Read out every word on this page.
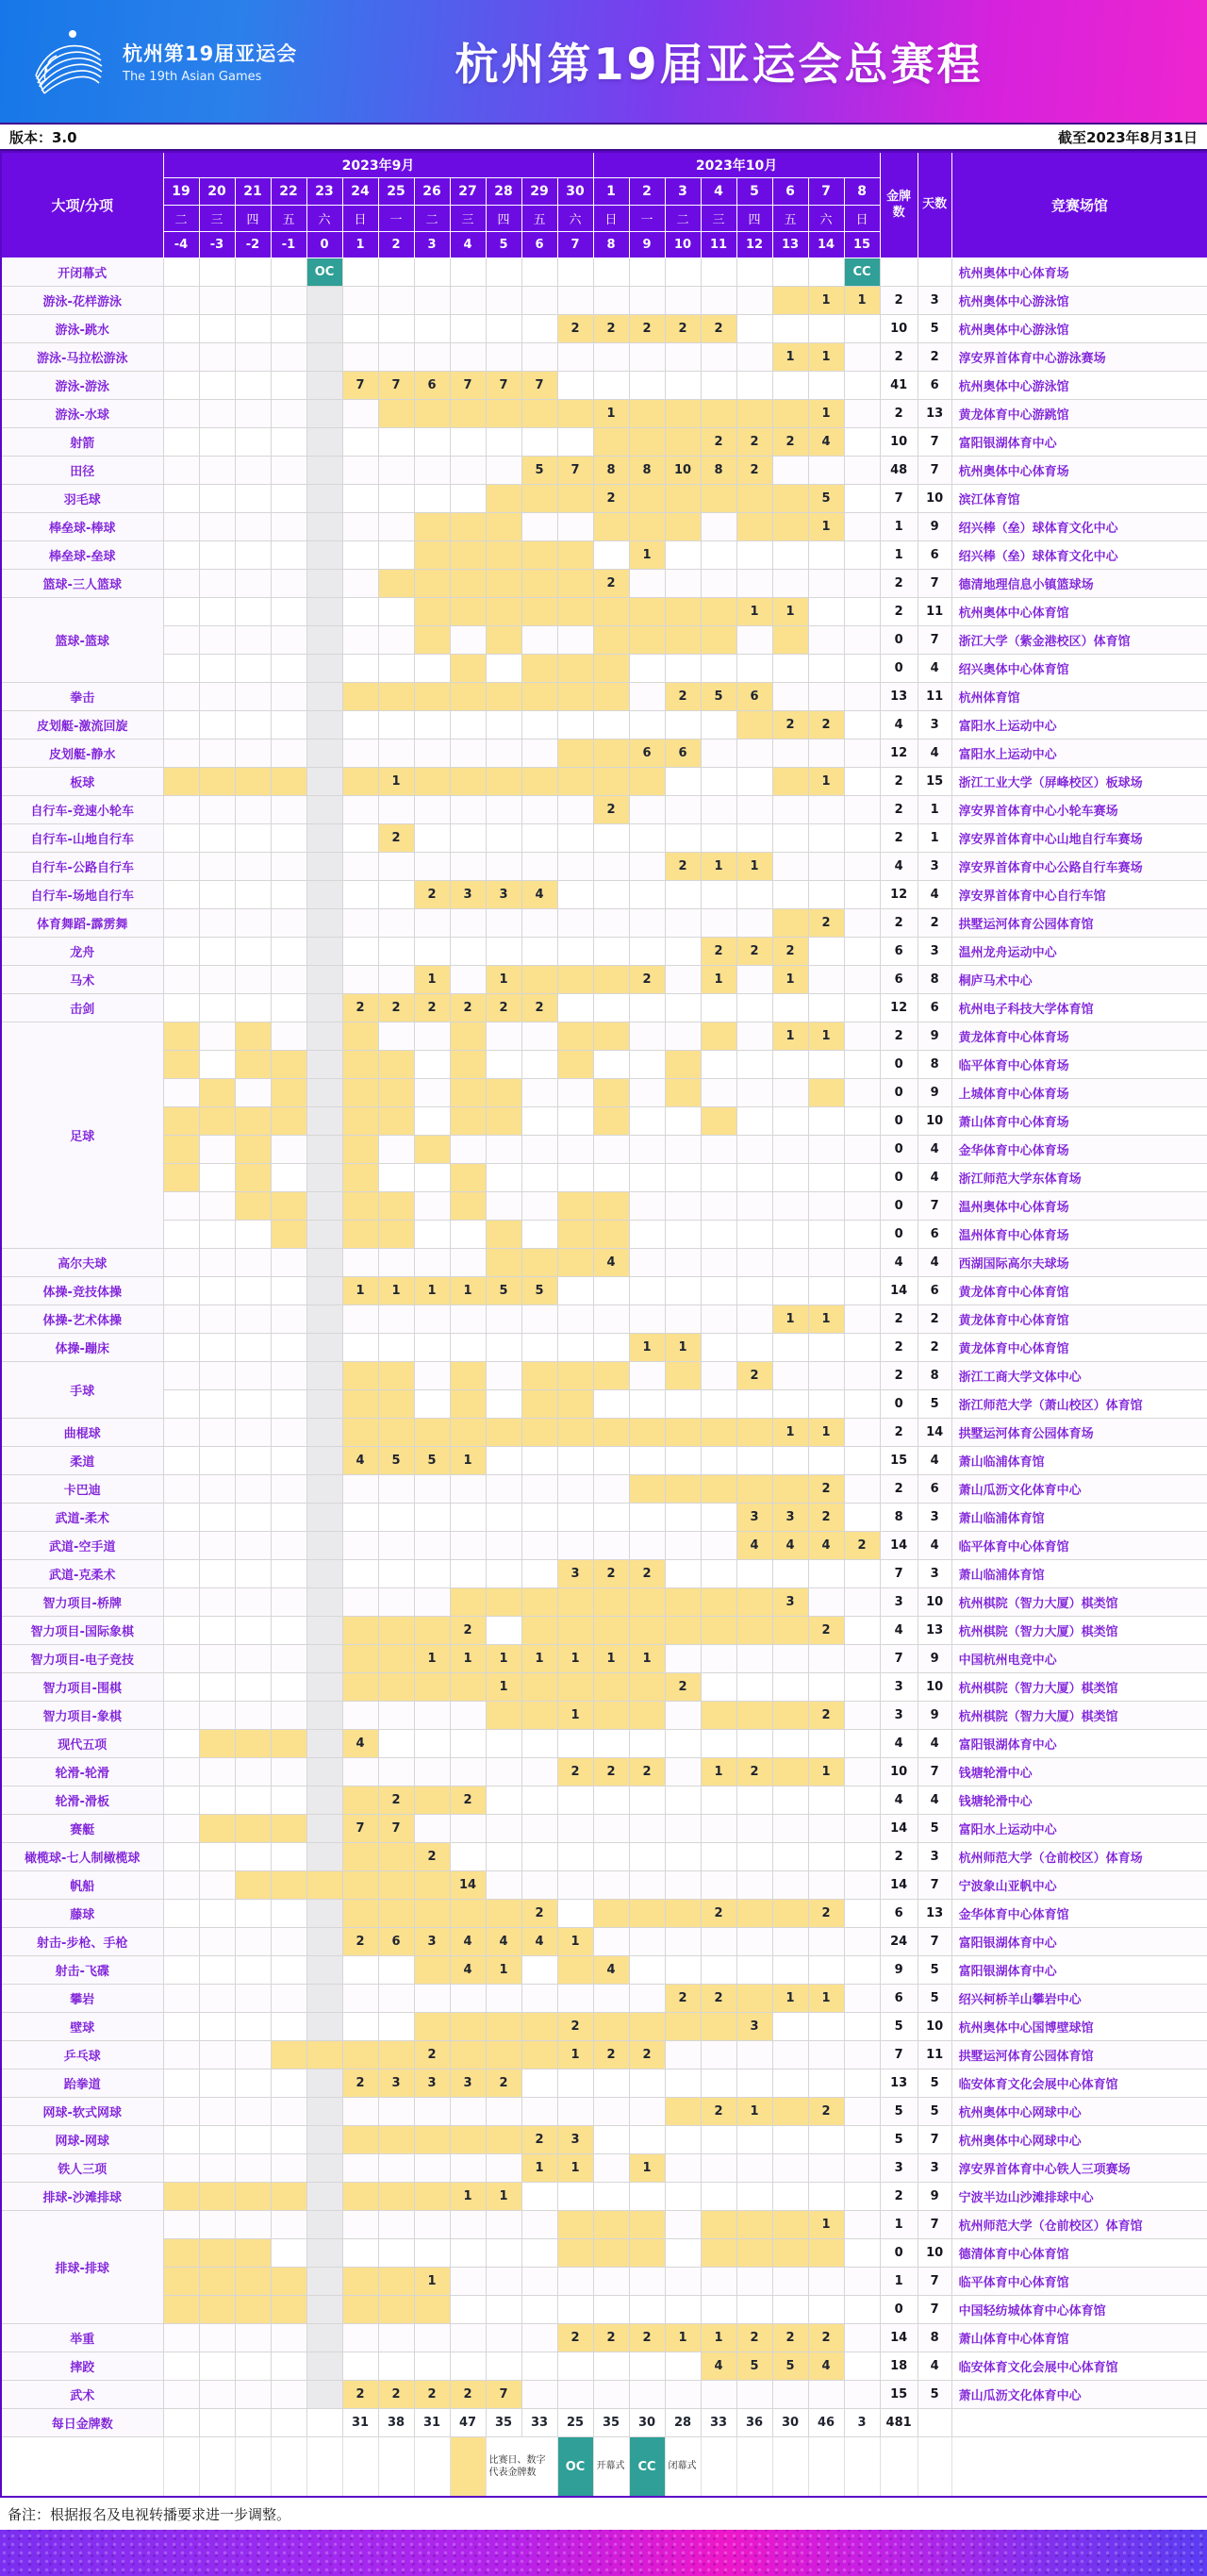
杭州第19届亚运会
The 19th Asian Games	杭州第19届亚运会总赛程
版本：3.0	截至2023年8月31日
大项/分项	2023年9月												2023年10月								金牌数	天数	竞赛场馆
	19	20	21	22	23	24	25	26	27	28	29	30	1	2	3	4	5	6	7	8			
	二	三	四	五	六	日	一	二	三	四	五	六	日	一	二	三	四	五	六	日			
	-4	-3	-2	-1	0	1	2	3	4	5	6	7	8	9	10	11	12	13	14	15			
开闭幕式					OC															CC			杭州奥体中心体育场
游泳-花样游泳																			1	1	2	3	杭州奥体中心游泳馆
游泳-跳水												2	2	2	2	2					10	5	杭州奥体中心游泳馆
游泳-马拉松游泳																		1	1		2	2	淳安界首体育中心游泳赛场
游泳-游泳						7	7	6	7	7	7										41	6	杭州奥体中心游泳馆
游泳-水球													1						1		2	13	黄龙体育中心游跳馆
射箭																2	2	2	4		10	7	富阳银湖体育中心
田径											5	7	8	8	10	8	2				48	7	杭州奥体中心体育场
羽毛球													2						5		7	10	滨江体育馆
棒垒球-棒球																			1		1	9	绍兴棒（垒）球体育文化中心
棒垒球-垒球														1							1	6	绍兴棒（垒）球体育文化中心
篮球-三人篮球													2								2	7	德清地理信息小镇篮球场
篮球-篮球																	1	1			2	11	杭州奥体中心体育馆
																					0	7	浙江大学（紫金港校区）体育馆
																					0	4	绍兴奥体中心体育馆
拳击															2	5	6				13	11	杭州体育馆
皮划艇-激流回旋																		2	2		4	3	富阳水上运动中心
皮划艇-静水														6	6						12	4	富阳水上运动中心
板球							1												1		2	15	浙江工业大学（屏峰校区）板球场
自行车-竞速小轮车													2								2	1	淳安界首体育中心小轮车赛场
自行车-山地自行车							2														2	1	淳安界首体育中心山地自行车赛场
自行车-公路自行车															2	1	1				4	3	淳安界首体育中心公路自行车赛场
自行车-场地自行车								2	3	3	4										12	4	淳安界首体育中心自行车馆
体育舞蹈-霹雳舞																			2		2	2	拱墅运河体育公园体育馆
龙舟																2	2	2			6	3	温州龙舟运动中心
马术								1		1				2		1		1			6	8	桐庐马术中心
击剑						2	2	2	2	2	2										12	6	杭州电子科技大学体育馆
足球																		1	1		2	9	黄龙体育中心体育场
																					0	8	临平体育中心体育场
																					0	9	上城体育中心体育场
																					0	10	萧山体育中心体育场
																					0	4	金华体育中心体育场
																					0	4	浙江师范大学东体育场
																					0	7	温州奥体中心体育场
																					0	6	温州体育中心体育场
高尔夫球													4								4	4	西湖国际高尔夫球场
体操-竞技体操						1	1	1	1	5	5										14	6	黄龙体育中心体育馆
体操-艺术体操																		1	1		2	2	黄龙体育中心体育馆
体操-蹦床														1	1						2	2	黄龙体育中心体育馆
手球																	2				2	8	浙江工商大学文体中心
																					0	5	浙江师范大学（萧山校区）体育馆
曲棍球																		1	1		2	14	拱墅运河体育公园体育场
柔道						4	5	5	1												15	4	萧山临浦体育馆
卡巴迪																			2		2	6	萧山瓜沥文化体育中心
武道-柔术																	3	3	2		8	3	萧山临浦体育馆
武道-空手道																	4	4	4	2	14	4	临平体育中心体育馆
武道-克柔术												3	2	2							7	3	萧山临浦体育馆
智力项目-桥牌																		3			3	10	杭州棋院（智力大厦）棋类馆
智力项目-国际象棋									2										2		4	13	杭州棋院（智力大厦）棋类馆
智力项目-电子竞技								1	1	1	1	1	1	1							7	9	中国杭州电竞中心
智力项目-围棋										1					2						3	10	杭州棋院（智力大厦）棋类馆
智力项目-象棋												1							2		3	9	杭州棋院（智力大厦）棋类馆
现代五项						4															4	4	富阳银湖体育中心
轮滑-轮滑												2	2	2		1	2		1		10	7	钱塘轮滑中心
轮滑-滑板							2		2												4	4	钱塘轮滑中心
赛艇						7	7														14	5	富阳水上运动中心
橄榄球-七人制橄榄球								2													2	3	杭州师范大学（仓前校区）体育场
帆船									14												14	7	宁波象山亚帆中心
藤球											2					2			2		6	13	金华体育中心体育馆
射击-步枪、手枪						2	6	3	4	4	4	1									24	7	富阳银湖体育中心
射击-飞碟									4	1			4								9	5	富阳银湖体育中心
攀岩															2	2		1	1		6	5	绍兴柯桥羊山攀岩中心
壁球												2					3				5	10	杭州奥体中心国博壁球馆
乒乓球								2				1	2	2							7	11	拱墅运河体育公园体育馆
跆拳道						2	3	3	3	2											13	5	临安体育文化会展中心体育馆
网球-软式网球																2	1		2		5	5	杭州奥体中心网球中心
网球-网球											2	3									5	7	杭州奥体中心网球中心
铁人三项											1	1		1							3	3	淳安界首体育中心铁人三项赛场
排球-沙滩排球									1	1											2	9	宁波半边山沙滩排球中心
排球-排球																			1		1	7	杭州师范大学（仓前校区）体育馆
																					0	10	德清体育中心体育馆
								1													1	7	临平体育中心体育馆
																					0	7	中国轻纺城体育中心体育馆
举重												2	2	2	1	1	2	2	2		14	8	萧山体育中心体育馆
摔跤																4	5	5	4		18	4	临安体育文化会展中心体育馆
武术						2	2	2	2	7											15	5	萧山瓜沥文化体育中心
每日金牌数						31	38	31	47	35	33	25	35	30	28	33	36	30	46	3	481		
										比赛日、数字代表金牌数		OC	开幕式	CC	闭幕式								
备注：根据报名及电视转播要求进一步调整。
